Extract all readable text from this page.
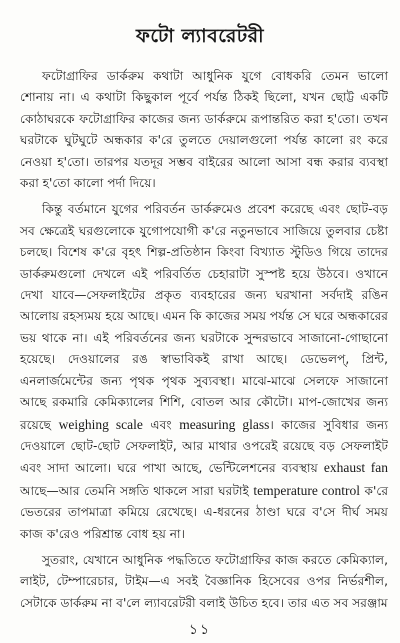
ফটো ল্যাবরেটরী

ফটোগ্রাফির ডার্করুম কথাটা আধুনিক যুগে বোধকরি তেমন ভালো শোনায় না। এ কথাটা কিছুকাল পূর্বে পর্যন্ত ঠিকই ছিলো, যখন ছোট্ট একটি কোঠাঘরকে ফটোগ্রাফির কাজের জন্য ডার্করুমে রূপান্তরিত করা হ'তো। তখন ঘরটাকে ঘুটঘুটে অন্ধকার ক'রে তুলতে দেয়ালগুলো পর্যন্ত কালো রং করে নেওয়া হ'তো। তারপর যতদূর সম্ভব বাইরের আলো আসা বন্ধ করার ব্যবস্থা করা হ'তো কালো পর্দা দিয়ে।

কিন্তু বর্তমানে যুগের পরিবর্তন ডার্করুমেও প্রবেশ করেছে এবং ছোট-বড় সব ক্ষেত্রেই ঘরগুলোকে যুগোপযোগী ক'রে নতুনভাবে সাজিয়ে তুলবার চেষ্টা চলছে। বিশেষ ক'রে বৃহৎ শিল্প-প্রতিষ্ঠান কিংবা বিখ্যাত স্টুডিও গিয়ে তাদের ডার্করুমগুলো দেখলে এই পরিবর্তিত চেহারাটা সুস্পষ্ট হয়ে উঠবে। ওখানে দেখা যাবে—সেফলাইটের প্রকৃত ব্যবহারের জন্য ঘরখানা সর্বদাই রঙিন আলোয় রহস্যময় হয়ে আছে। এমন কি কাজের সময় পর্যন্ত সে ঘরে অন্ধকারের ভয় থাকে না। এই পরিবর্তনের জন্য ঘরটাকে সুন্দরভাবে সাজানো-গোছানো হয়েছে। দেওয়ালের রঙ স্বাভাবিকই রাখা আছে। ডেভেলপ্, প্রিন্ট, এনলার্জমেন্টের জন্য পৃথক পৃথক সুব্যবস্থা। মাঝে-মাঝে সেলফে সাজানো আছে রকমারি কেমিক্যালের শিশি, বোতল আর কৌটো। মাপ-জোখের জন্য রয়েছে weighing scale এবং measuring glass। কাজের সুবিধার জন্য দেওয়ালে ছোট-ছোট সেফলাইট, আর মাথার ওপরেই রয়েছে বড় সেফলাইট এবং সাদা আলো। ঘরে পাখা আছে, ভেন্টিলেশনের ব্যবস্থায় exhaust fan আছে—আর তেমনি সঙ্গতি থাকলে সারা ঘরটাই temperature control ক'রে ভেতরের তাপমাত্রা কমিয়ে রেখেছে। এ-ধরনের ঠাণ্ডা ঘরে ব'সে দীর্ঘ সময় কাজ ক'রেও পরিশ্রান্ত বোধ হয় না।

সুতরাং, যেখানে আধুনিক পদ্ধতিতে ফটোগ্রাফির কাজ করতে কেমিক্যাল, লাইট, টেম্পারেচার, টাইম—এ সবই বৈজ্ঞানিক হিসেবের ওপর নির্ভরশীল, সেটাকে ডার্করুম না ব'লে ল্যাবরেটরী বলাই উচিত হবে। তার এত সব সরঞ্জাম

১১
